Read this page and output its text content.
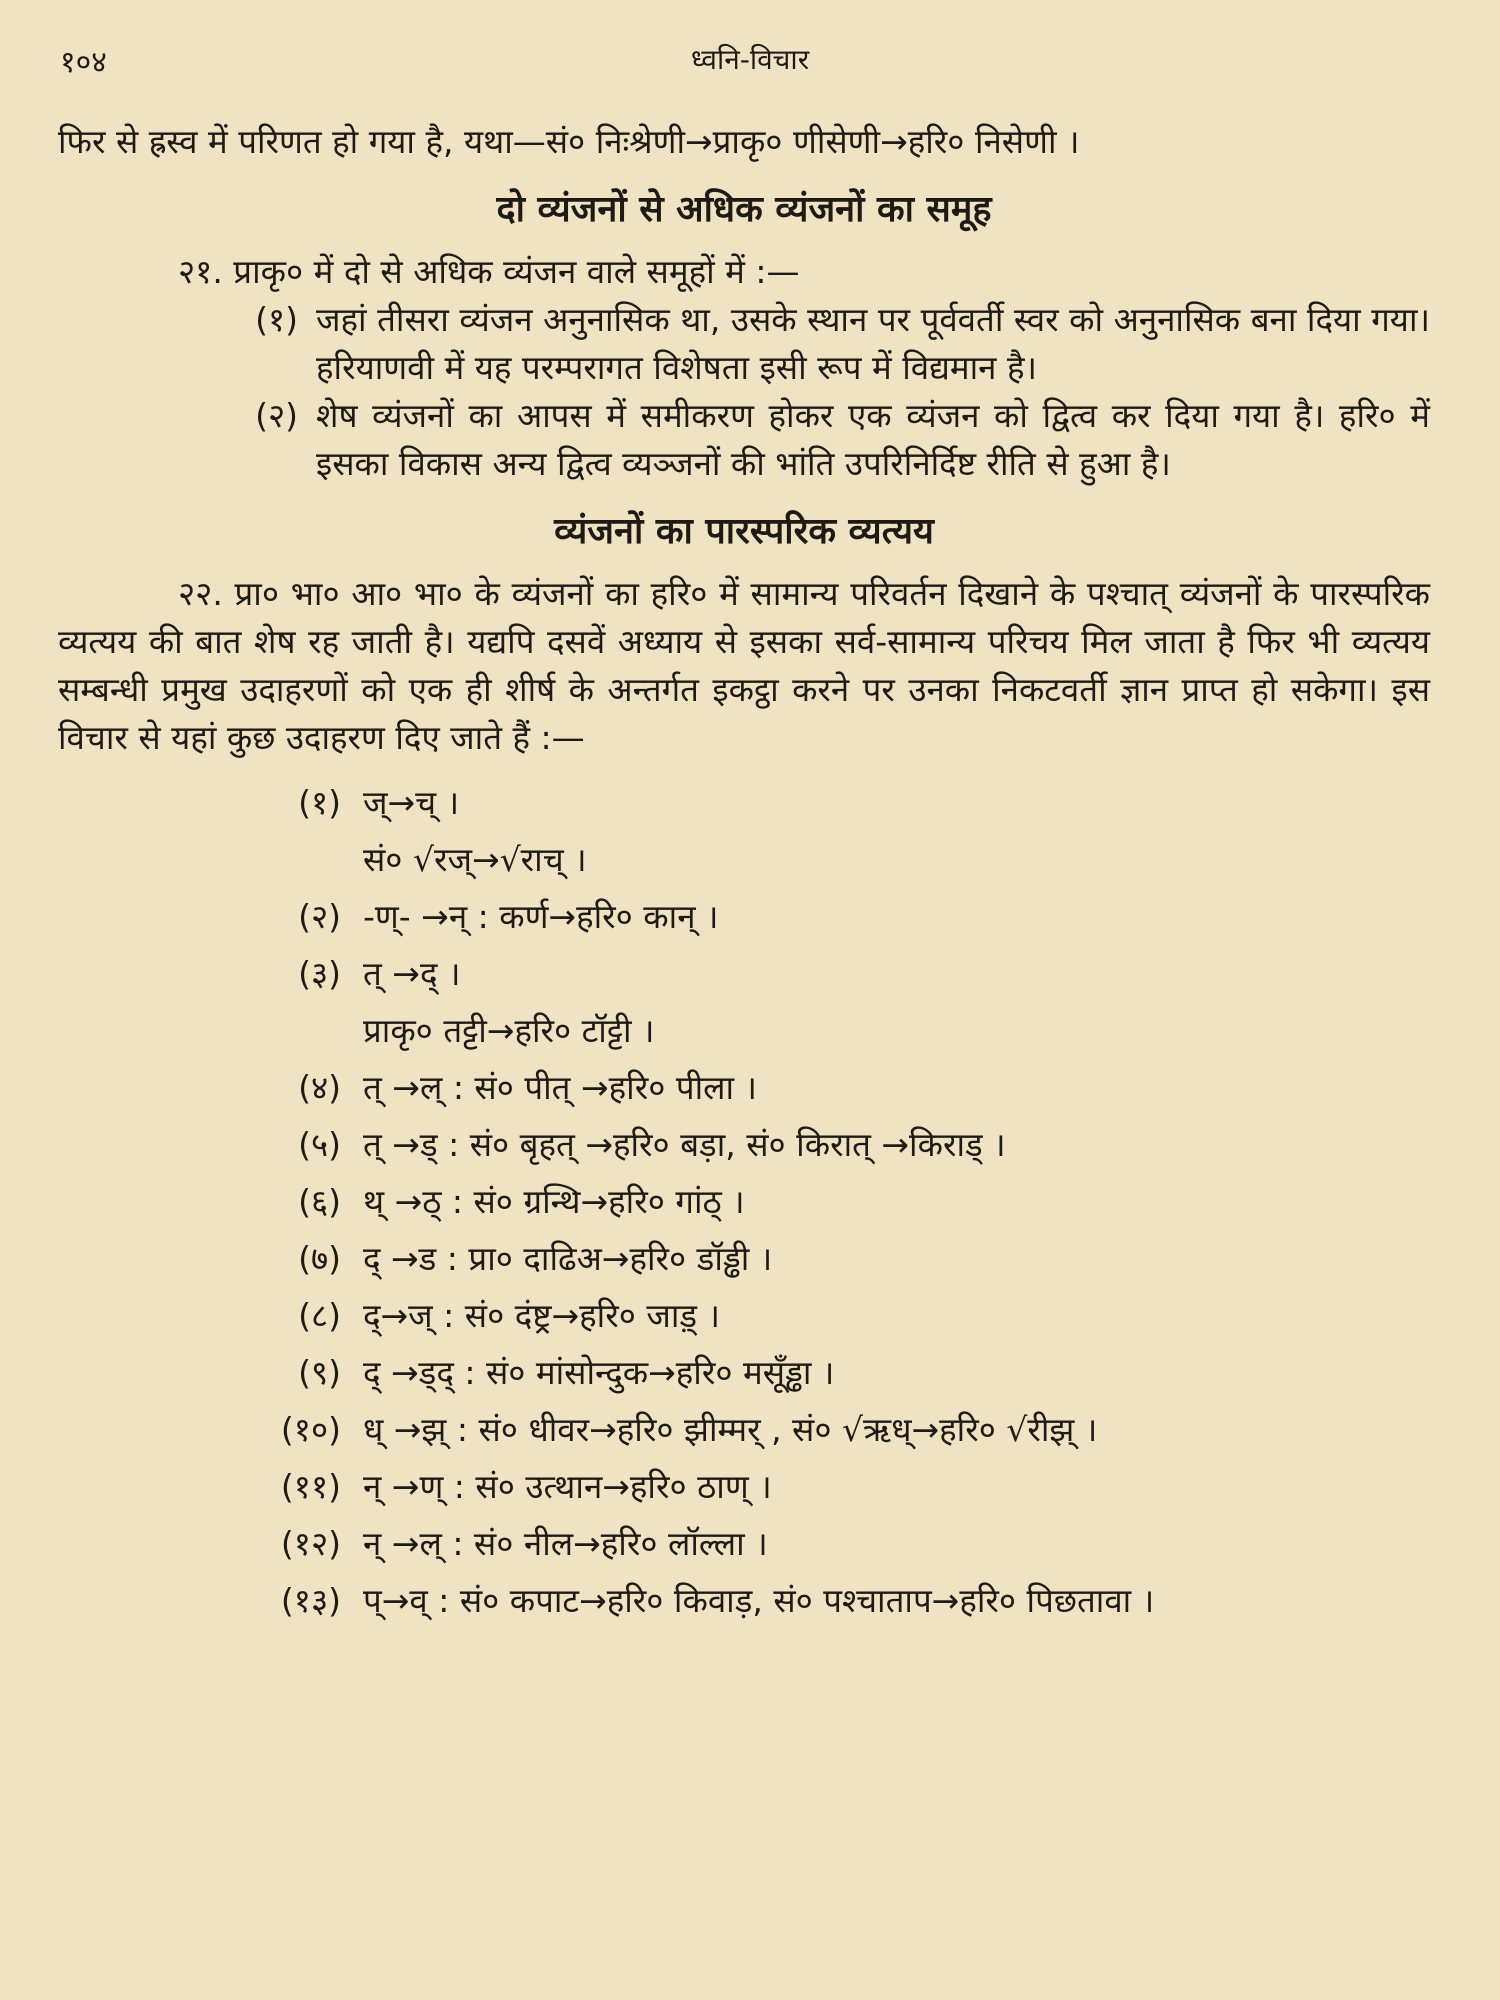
१०४	ध्वनि-विचार

फिर से ह्रस्व में परिणत हो गया है, यथा—सं० निःश्रेणी→प्राकृ० णीसेणी→हरि० निसेणी ।

दो व्यंजनों से अधिक व्यंजनों का समूह

२१. प्राकृ० में दो से अधिक व्यंजन वाले समूहों में :—

(१) जहां तीसरा व्यंजन अनुनासिक था, उसके स्थान पर पूर्ववर्ती स्वर को अनुनासिक बना दिया गया। हरियाणवी में यह परम्परागत विशेषता इसी रूप में विद्यमान है।
(२) शेष व्यंजनों का आपस में समीकरण होकर एक व्यंजन को द्वित्व कर दिया गया है। हरि० में इसका विकास अन्य द्वित्व व्यञ्जनों की भांति उपरिनिर्दिष्ट रीति से हुआ है।

व्यंजनों का पारस्परिक व्यत्यय

२२. प्रा० भा० आ० भा० के व्यंजनों का हरि० में सामान्य परिवर्तन दिखाने के पश्चात् व्यंजनों के पारस्परिक व्यत्यय की बात शेष रह जाती है। यद्यपि दसवें अध्याय से इसका सर्व-सामान्य परिचय मिल जाता है फिर भी व्यत्यय सम्बन्धी प्रमुख उदाहरणों को एक ही शीर्ष के अन्तर्गत इकट्ठा करने पर उनका निकटवर्ती ज्ञान प्राप्त हो सकेगा। इस विचार से यहां कुछ उदाहरण दिए जाते हैं :—

(१) ज्→च् ।
सं० √रज्→√राच् ।
(२) -ण्- →न् : कर्ण→हरि० कान् ।
(३) त् →द् ।
प्राकृ० तट्टी→हरि० टॉट्टी ।
(४) त् →ल् : सं० पीत् →हरि० पीला ।
(५) त् →ड् : सं० बृहत् →हरि० बड़ा, सं० किरात् →किराड् ।
(६) थ् →ठ् : सं० ग्रन्थि→हरि० गांठ् ।
(७) द् →ड : प्रा० दाढिअ→हरि० डॉड्ढी ।
(८) द्→ज् : सं० दंष्ट्र→हरि० जाड़् ।
(९) द् →ड्द् : सं० मांसोन्दुक→हरि० मसूँड्ढा ।
(१०) ध् →झ् : सं० धीवर→हरि० झीम्मर् , सं० √ऋध्→हरि० √रीझ् ।
(११) न् →ण् : सं० उत्थान→हरि० ठाण् ।
(१२) न् →ल् : सं० नील→हरि० लॉल्ला ।
(१३) प्→व् : सं० कपाट→हरि० किवाड़, सं० पश्चाताप→हरि० पिछतावा ।
